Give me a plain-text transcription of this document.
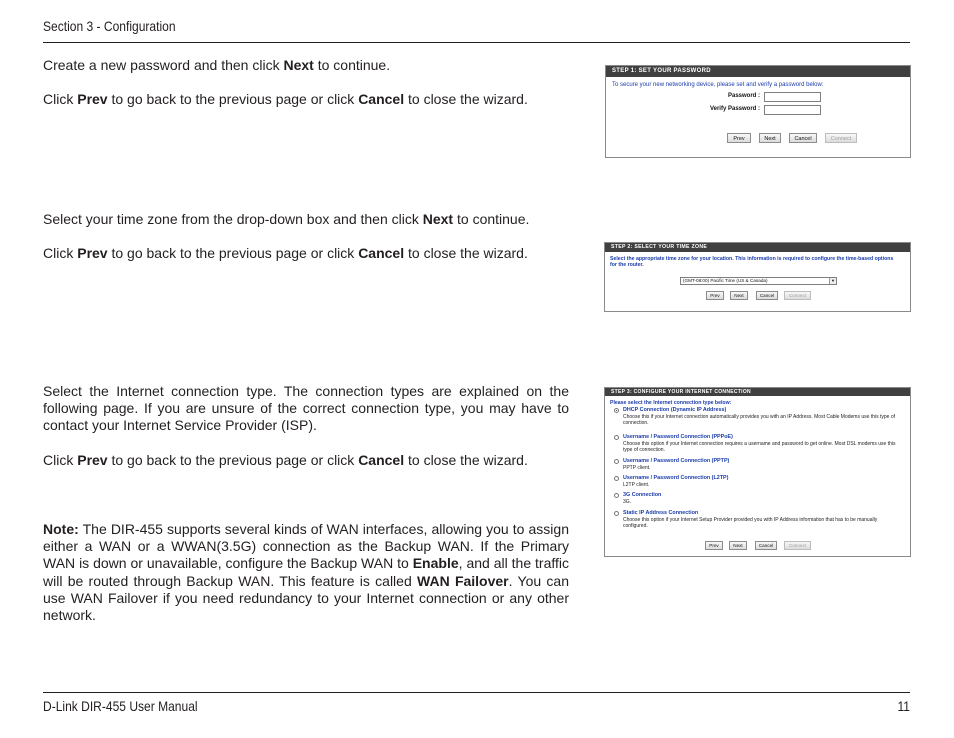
Section 3 - Configuration
Create a new password and then click Next to continue.
Click Prev to go back to the previous page or click Cancel to close the wizard.
Select your time zone from the drop-down box and then click Next to continue.
Click Prev to go back to the previous page or click Cancel to close the wizard.
Select the Internet connection type. The connection types are explained on the following page. If you are unsure of the correct connection type, you may have to contact your Internet Service Provider (ISP).
Click Prev to go back to the previous page or click Cancel to close the wizard.
Note: The DIR-455 supports several kinds of WAN interfaces, allowing you to assign either a WAN or a WWAN(3.5G) connection as the Backup WAN. If the Primary WAN is down or unavailable, configure the Backup WAN to Enable, and all the traffic will be routed through Backup WAN. This feature is called WAN Failover. You can use WAN Failover if you need redundancy to your Internet connection or any other network.
STEP 1: SET YOUR PASSWORD
To secure your new networking device, please set and verify a password below:
Password :
Verify Password :
Prev	Next	Cancel	Connect
STEP 2: SELECT YOUR TIME ZONE
Select the appropriate time zone for your location. This information is required to configure the time-based options for the router.
(GMT-08:00) Pacific Time (US & Canada)	▼
Prev	Next	Cancel	Connect
STEP 3: CONFIGURE YOUR INTERNET CONNECTION
Please select the Internet connection type below:
DHCP Connection (Dynamic IP Address)
Choose this if your Internet connection automatically provides you with an IP Address. Most Cable Modems use this type of connection.
Username / Password Connection (PPPoE)
Choose this option if your Internet connection requires a username and password to get online. Most DSL modems use this type of connection.
Username / Password Connection (PPTP)
PPTP client.
Username / Password Connection (L2TP)
L2TP client.
3G Connection
3G.
Static IP Address Connection
Choose this option if your Internet Setup Provider provided you with IP Address information that has to be manually configured.
Prev	Next	Cancel	Connect
D-Link DIR-455 User Manual	11
